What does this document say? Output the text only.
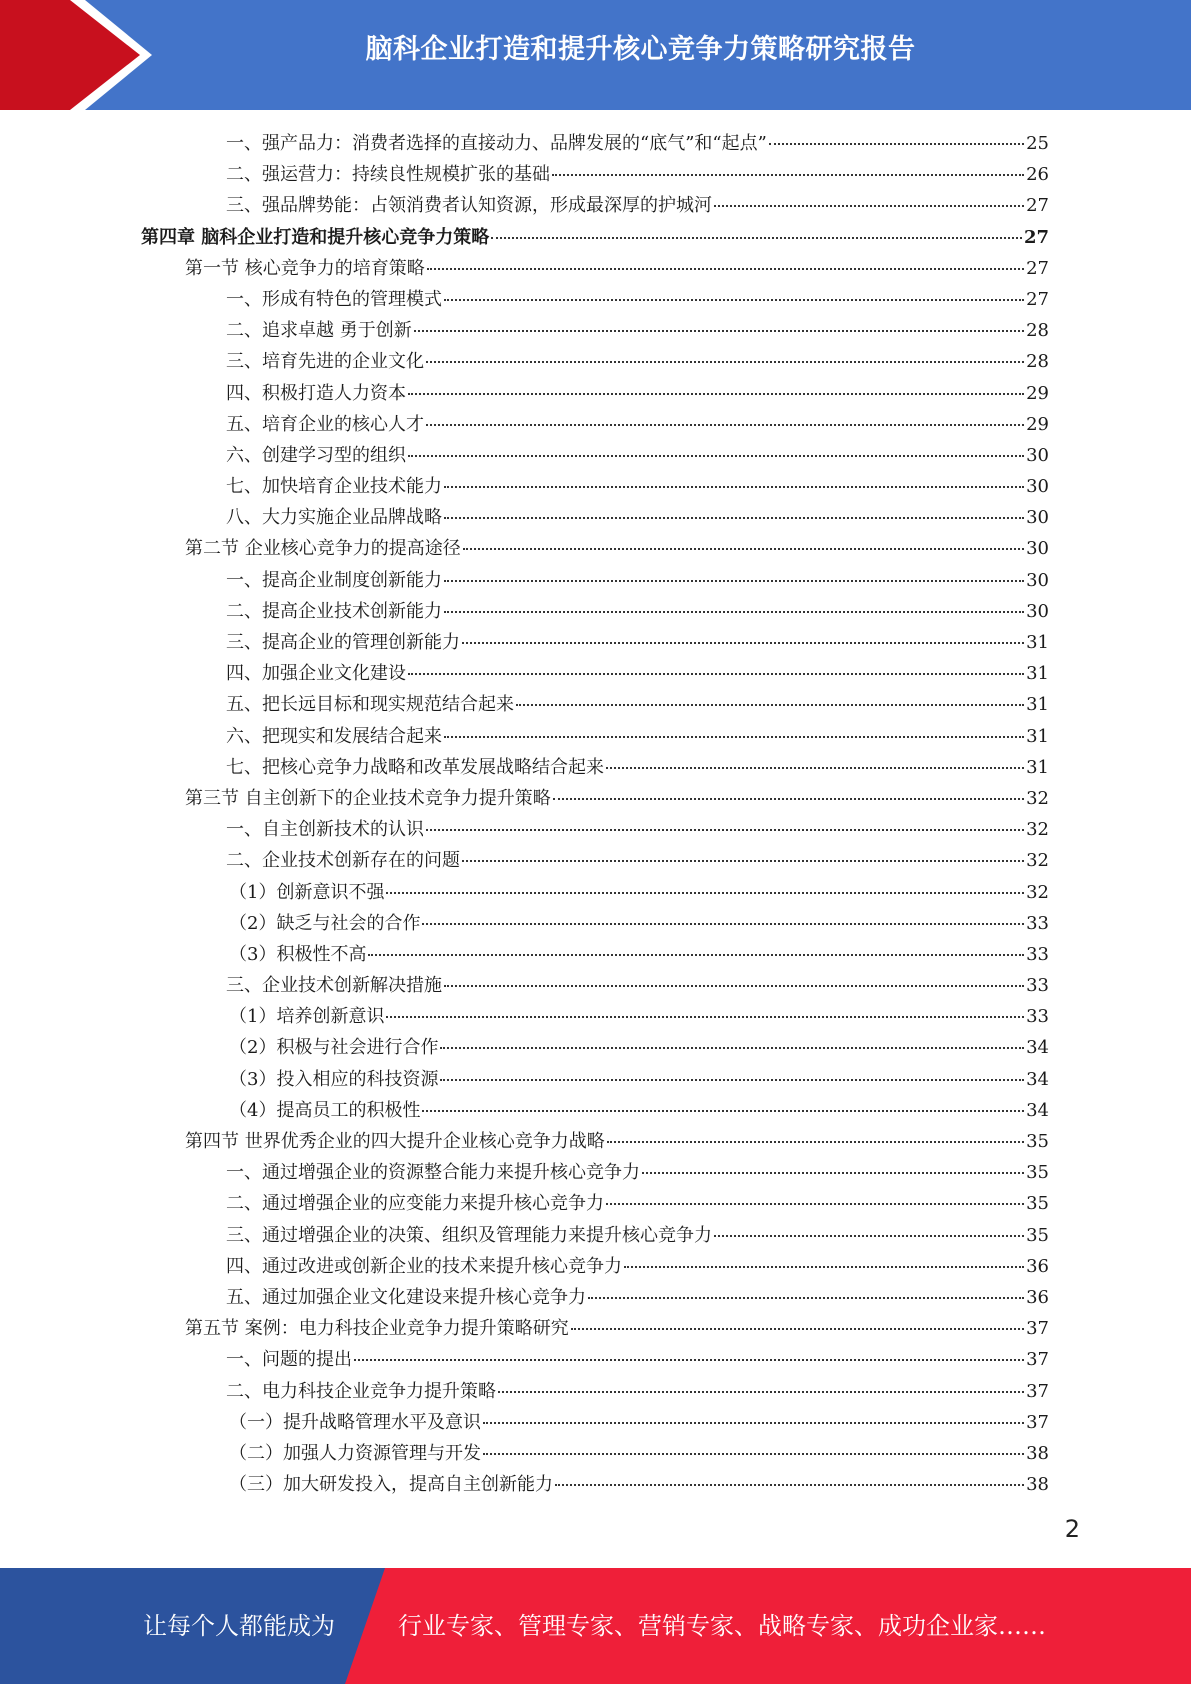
脑科企业打造和提升核心竞争力策略研究报告
一、强产品力：消费者选择的直接动力、品牌发展的“底气”和“起点”	25
二、强运营力：持续良性规模扩张的基础	26
三、强品牌势能：占领消费者认知资源，形成最深厚的护城河	27
第四章 脑科企业打造和提升核心竞争力策略	27
第一节 核心竞争力的培育策略	27
一、形成有特色的管理模式	27
二、追求卓越 勇于创新	28
三、培育先进的企业文化	28
四、积极打造人力资本	29
五、培育企业的核心人才	29
六、创建学习型的组织	30
七、加快培育企业技术能力	30
八、大力实施企业品牌战略	30
第二节 企业核心竞争力的提高途径	30
一、提高企业制度创新能力	30
二、提高企业技术创新能力	30
三、提高企业的管理创新能力	31
四、加强企业文化建设	31
五、把长远目标和现实规范结合起来	31
六、把现实和发展结合起来	31
七、把核心竞争力战略和改革发展战略结合起来	31
第三节 自主创新下的企业技术竞争力提升策略	32
一、自主创新技术的认识	32
二、企业技术创新存在的问题	32
（1）创新意识不强	32
（2）缺乏与社会的合作	33
（3）积极性不高	33
三、企业技术创新解决措施	33
（1）培养创新意识	33
（2）积极与社会进行合作	34
（3）投入相应的科技资源	34
（4）提高员工的积极性	34
第四节 世界优秀企业的四大提升企业核心竞争力战略	35
一、通过增强企业的资源整合能力来提升核心竞争力	35
二、通过增强企业的应变能力来提升核心竞争力	35
三、通过增强企业的决策、组织及管理能力来提升核心竞争力	35
四、通过改进或创新企业的技术来提升核心竞争力	36
五、通过加强企业文化建设来提升核心竞争力	36
第五节 案例：电力科技企业竞争力提升策略研究	37
一、问题的提出	37
二、电力科技企业竞争力提升策略	37
（一）提升战略管理水平及意识	37
（二）加强人力资源管理与开发	38
（三）加大研发投入，提高自主创新能力	38
2
让每个人都能成为	行业专家、管理专家、营销专家、战略专家、成功企业家……
